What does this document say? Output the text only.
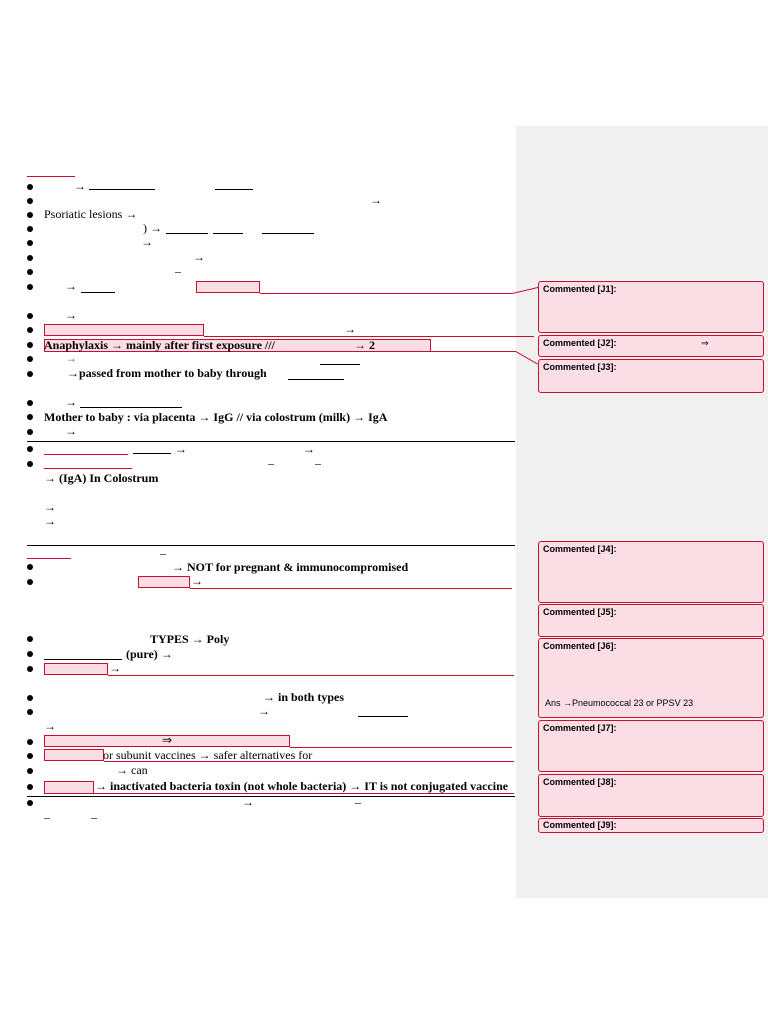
→
→
Psoriatic lesions →
) →
→
→
–
→
→
→
Anaphylaxis → mainly after first exposure ///	→ 2
→
→passed from mother to baby through
→
Mother to baby : via placenta → IgG // via colostrum (milk) → IgA
→
→	→
–	–
→ (IgA) In Colostrum
→
→
–
→ NOT for pregnant & immunocompromised
→
TYPES → Poly
(pure) →
→
→ in both types
→
→
⇒
or subunit vaccines → safer alternatives for
→ can
→ inactivated bacteria toxin (not whole bacteria) → IT is not conjugated vaccine
→	–
–	–
Commented [J1]:
Commented [J2]:	⇒
Commented [J3]:
Commented [J4]:
Commented [J5]:
Commented [J6]:
Ans →Pneumococcal 23 or PPSV 23
Commented [J7]:
Commented [J8]:
Commented [J9]:
